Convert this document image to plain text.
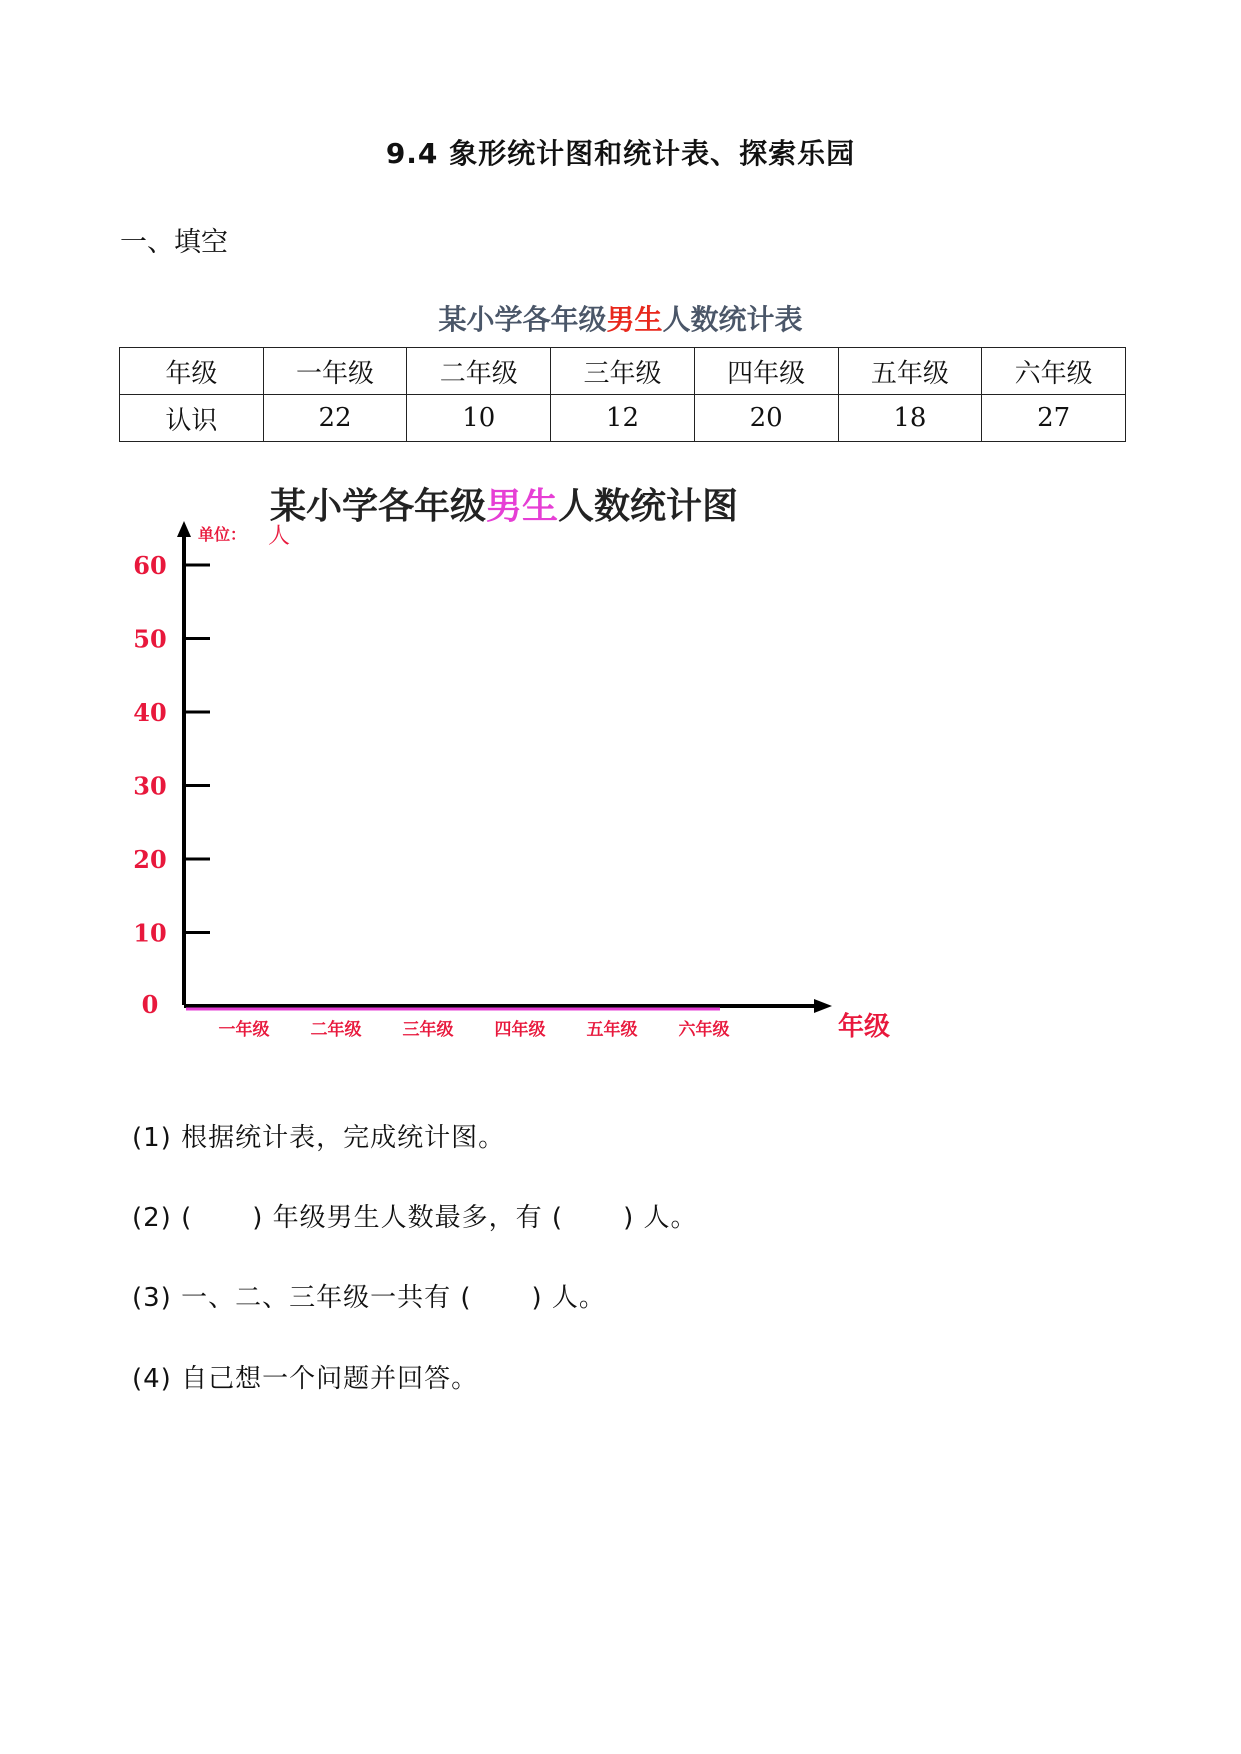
9.4 象形统计图和统计表、探索乐园
一、填空
某小学各年级男生人数统计表
年级	一年级	二年级	三年级	四年级	五年级	六年级
认识	22	10	12	20	18	27
某小学各年级男生人数统计图
单位： 人
0
10
20
30
40
50
60
一年级 二年级 三年级 四年级 五年级 六年级	年级
(1) 根据统计表，完成统计图。
(2) ( ) 年级男生人数最多，有 ( ) 人。
(3) 一、二、三年级一共有 ( ) 人。
(4) 自己想一个问题并回答。
